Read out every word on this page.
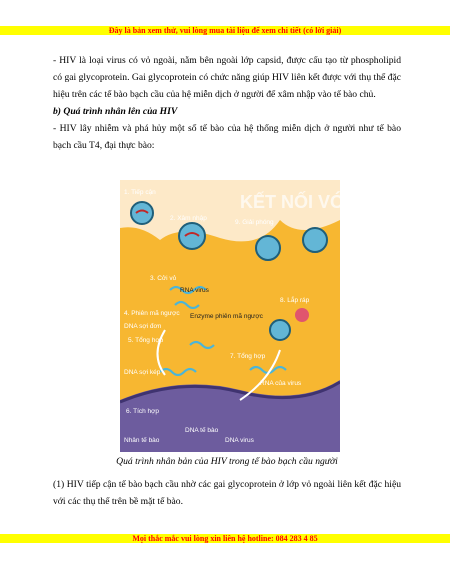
Đây là bản xem thử, vui lòng mua tài liệu để xem chi tiết (có lời giải)

- HIV là loại virus có vỏ ngoài, nằm bên ngoài lớp capsid, được cấu tạo từ phospholipid có gai glycoprotein. Gai glycoprotein có chức năng giúp HIV liên kết được với thụ thể đặc hiệu trên các tế bào bạch cầu của hệ miễn dịch ở người để xâm nhập vào tế bào chủ.

b) Quá trình nhân lên của HIV

- HIV lây nhiễm và phá hủy một số tế bào của hệ thống miễn dịch ở người như tế bào bạch cầu T4, đại thực bào:

KẾT NỐI VỚI
1. Tiếp cận
2. Xâm nhập
9. Giải phóng
3. Cởi vỏ
RNA virus
8. Lắp ráp
4. Phiên mã ngược Enzyme phiên mã ngược
DNA sợi đơn
5. Tổng hợp
7. Tổng hợp
DNA sợi kép
RNA của virus
6. Tích hợp
Nhân tế bào
DNA tế bào
DNA virus
Quá trình nhân bản của HIV trong tế bào bạch cầu người
(1) HIV tiếp cận tế bào bạch cầu nhờ các gai glycoprotein ở lớp vỏ ngoài liên kết đặc hiệu với các thụ thể trên bề mặt tế bào.
Mọi thắc mắc vui lòng xin liên hệ hotline: 084 283 4 85
